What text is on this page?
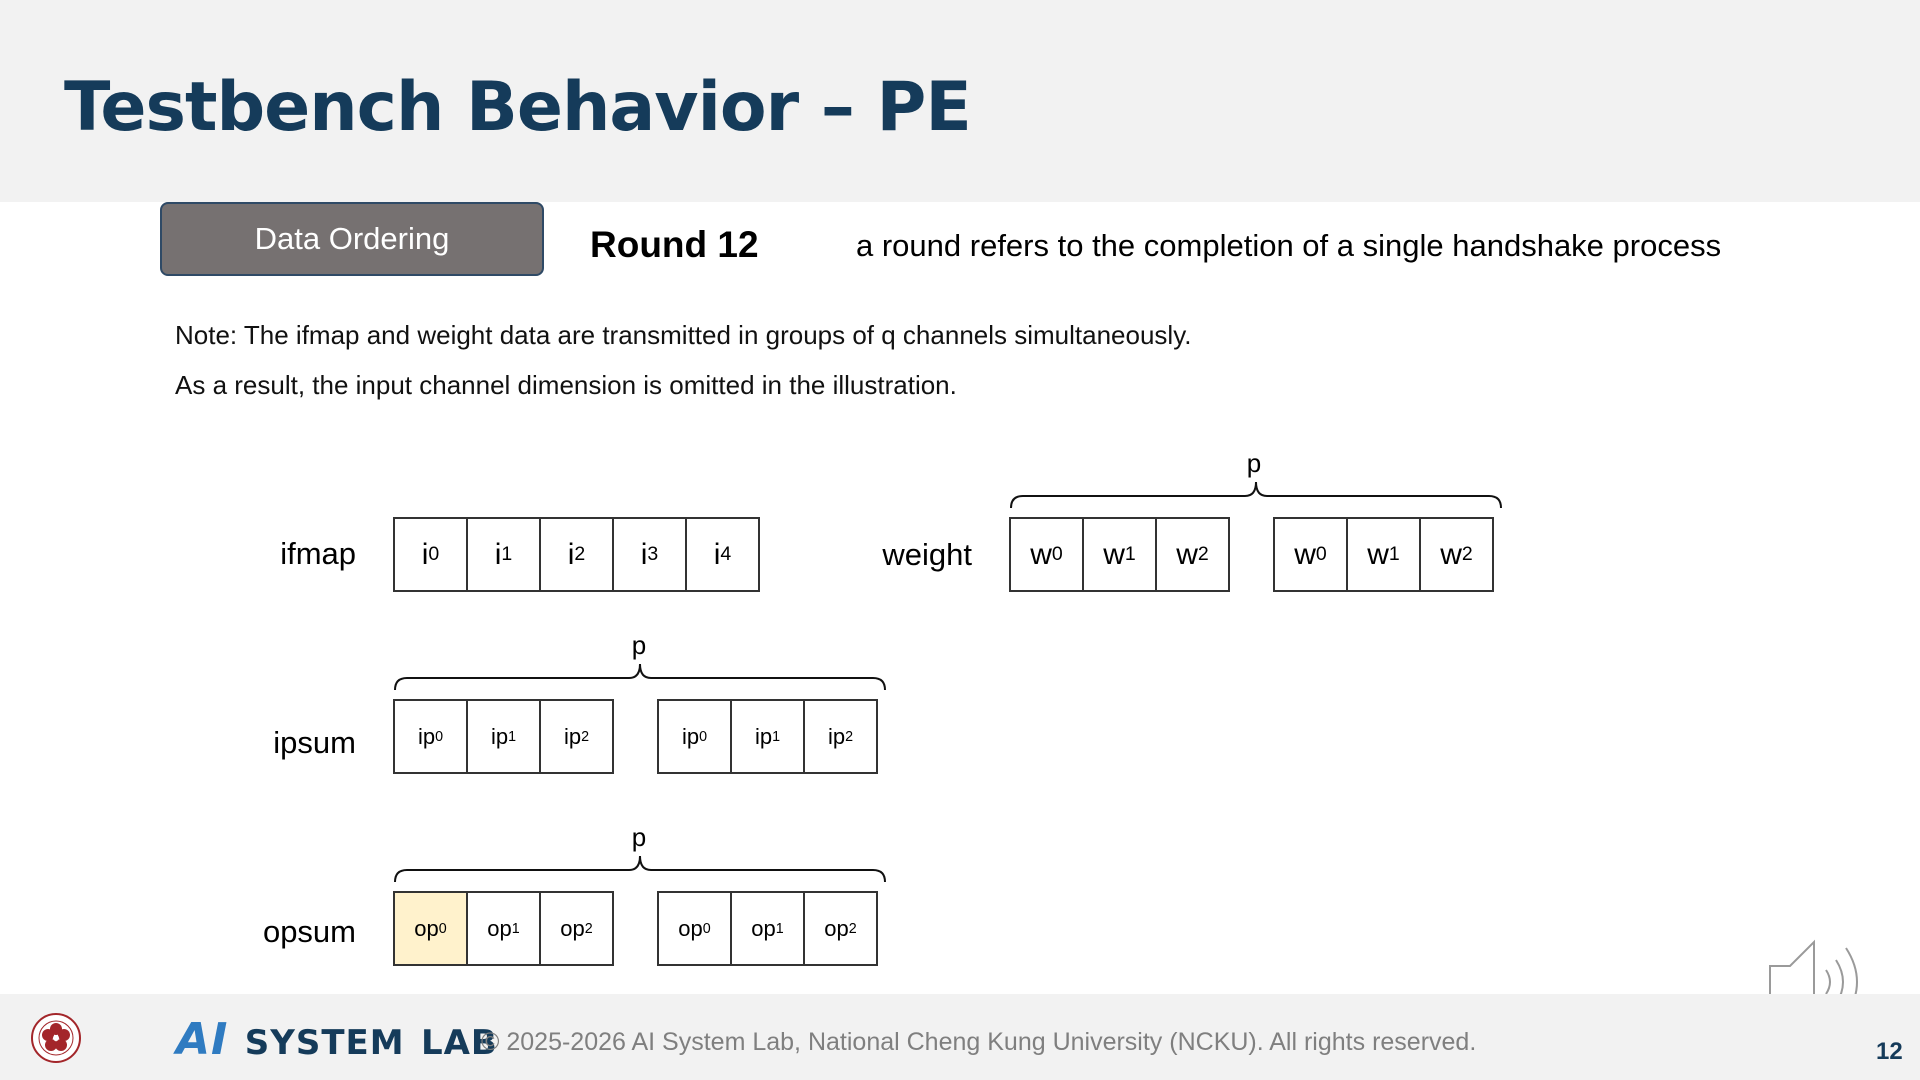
Testbench Behavior – PE
Data Ordering	Round 12	a round refers to the completion of a single handshake process
Note: The ifmap and weight data are transmitted in groups of q channels simultaneously.
As a result, the input channel dimension is omitted in the illustration.
ifmap	weight
ipsum
opsum
i 0 i 1 i 2 i 3 i 4	w 0 w 1 w 2	w 0 w 1 w 2
ip 0 ip 1 ip 2	ip 0 ip 1 ip 2
op 0 op 1 op 2	op 0 op 1 op 2
p
p
p
AI SYSTEM LAB
© 2025-2026 AI System Lab, National Cheng Kung University (NCKU). All rights reserved.	12
